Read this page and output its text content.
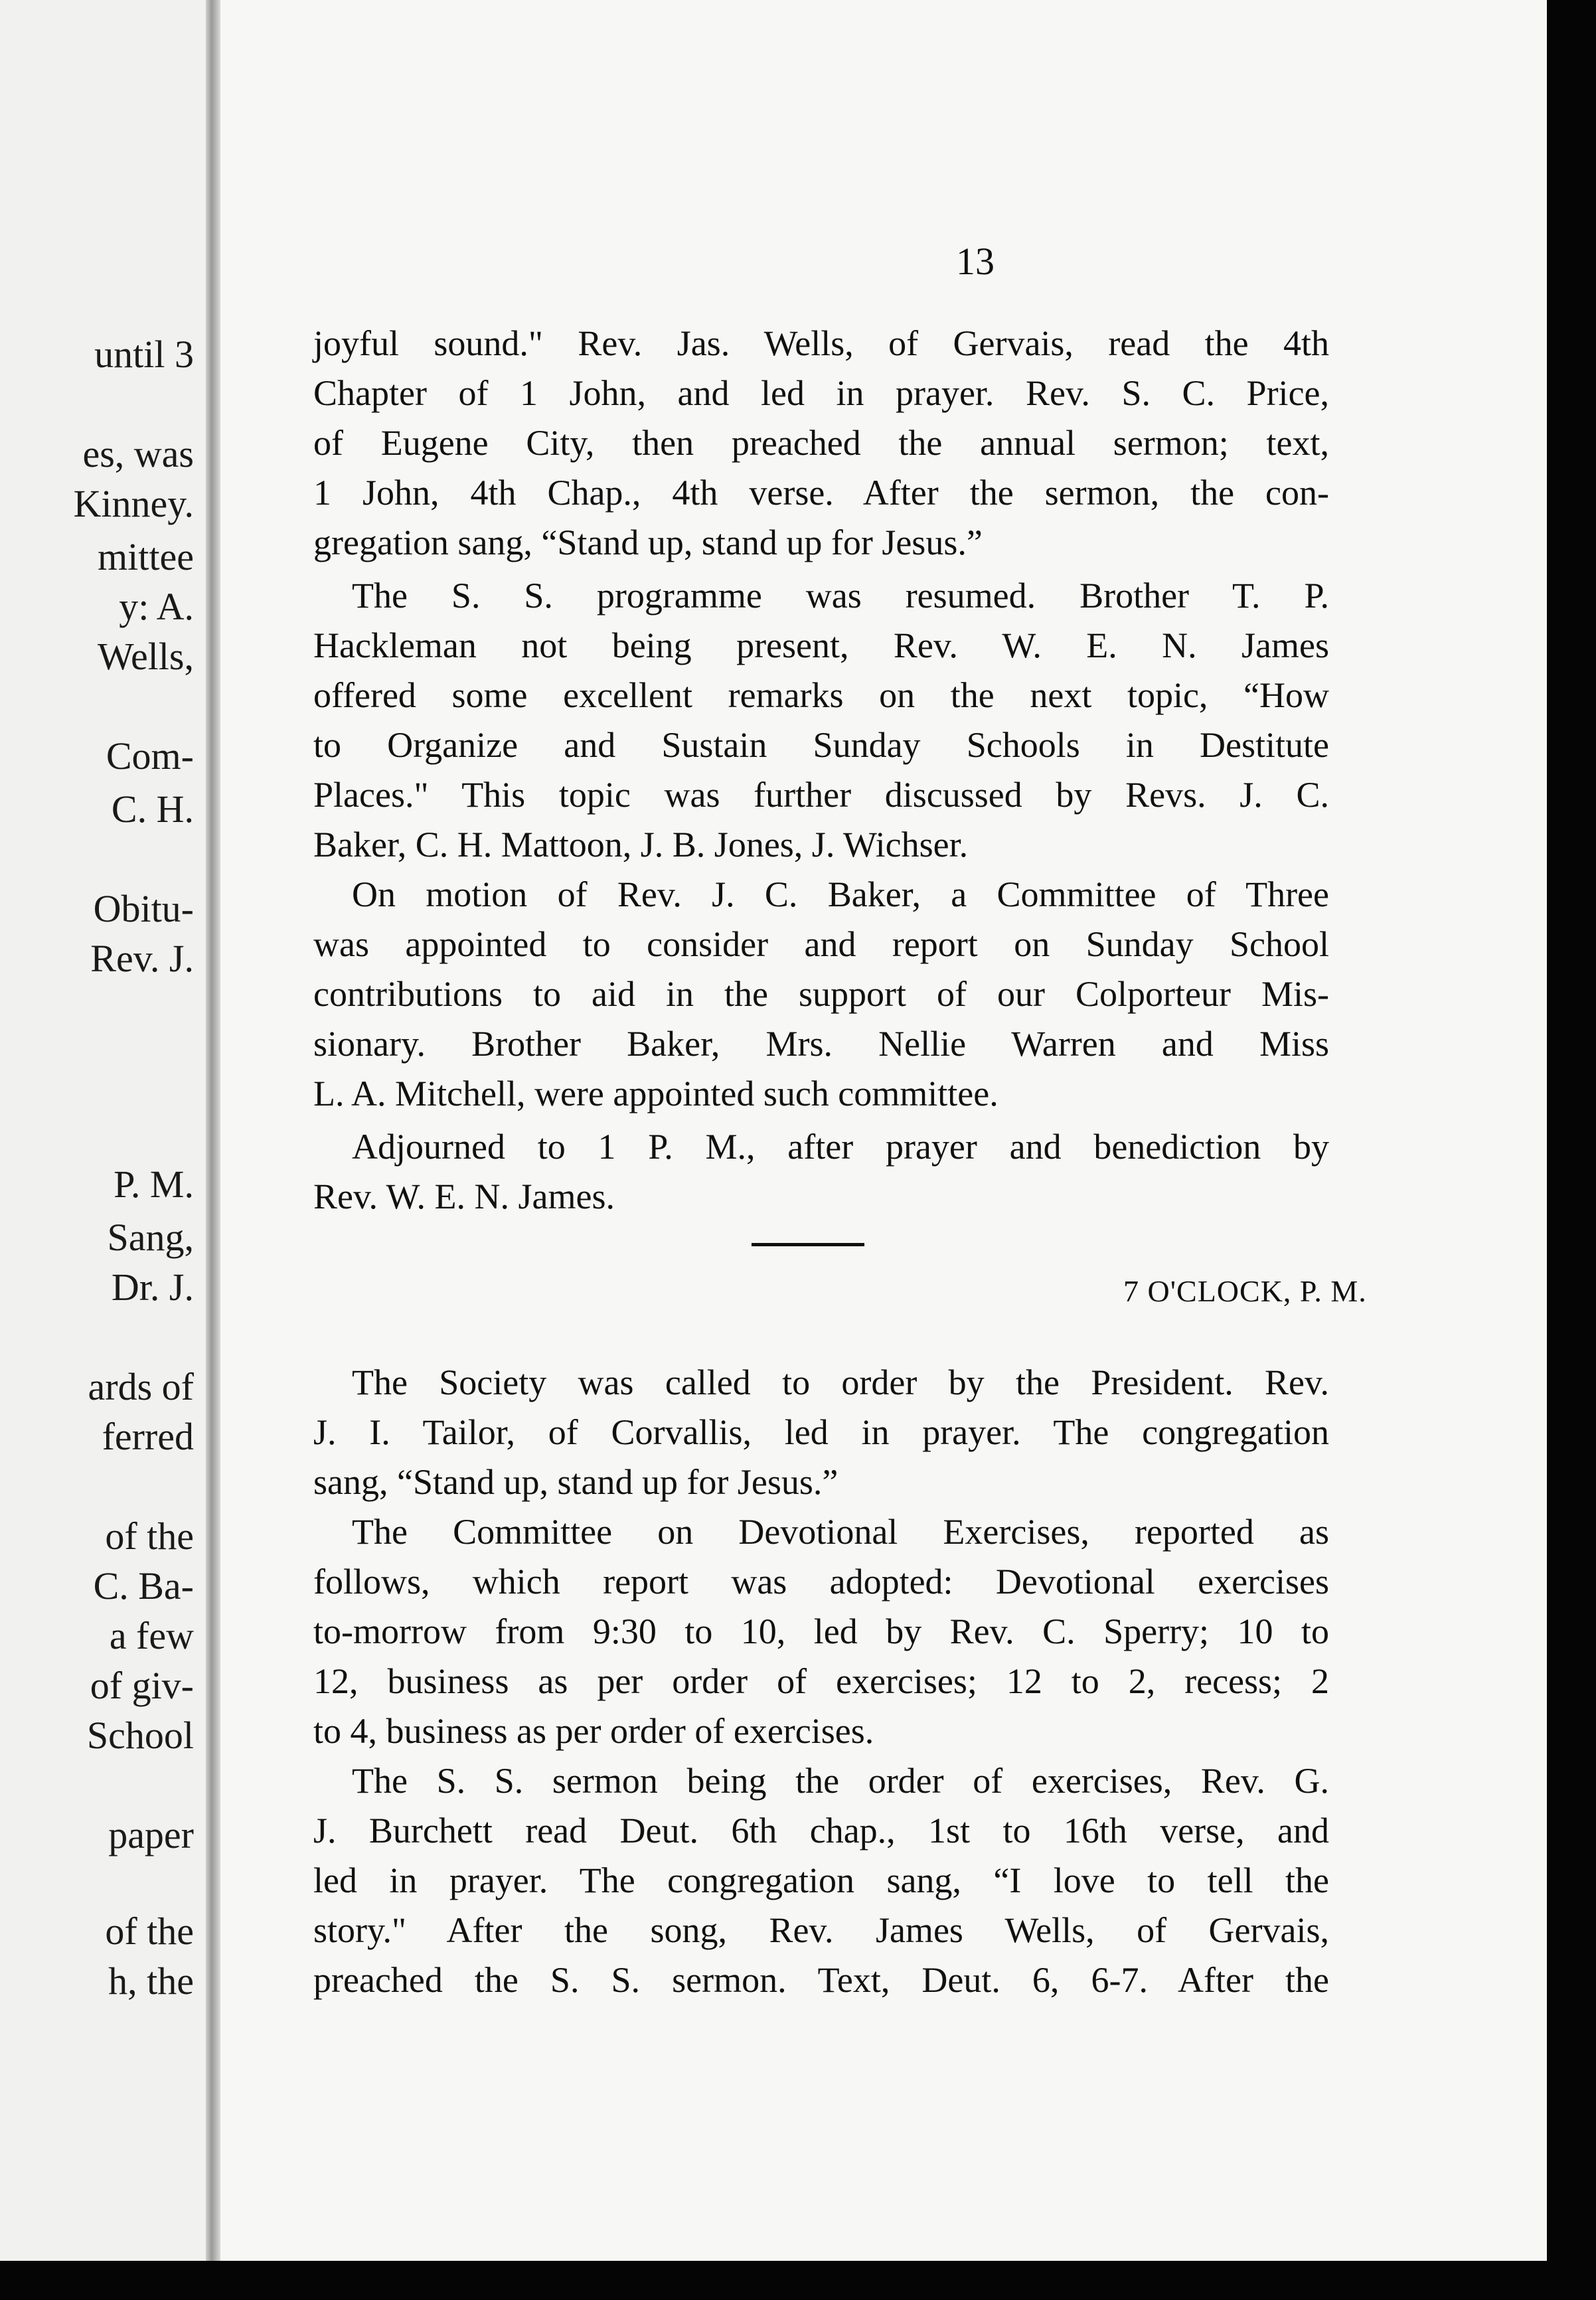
until 3
es, was
Kinney.
mittee
y: A.
Wells,
Com-
C. H.
Obitu-
Rev. J.
P. M.
Sang,
Dr. J.
ards of
ferred
of the
C. Ba-
a few
of giv-
School
paper
of the
h, the
13
joyful sound." Rev. Jas. Wells, of Gervais, read the 4th
Chapter of 1 John, and led in prayer. Rev. S. C. Price,
of Eugene City, then preached the annual sermon; text,
1 John, 4th Chap., 4th verse. After the sermon, the con-
gregation sang, “Stand up, stand up for Jesus.”
The S. S. programme was resumed. Brother T. P.
Hackleman not being present, Rev. W. E. N. James
offered some excellent remarks on the next topic, “How
to Organize and Sustain Sunday Schools in Destitute
Places." This topic was further discussed by Revs. J. C.
Baker, C. H. Mattoon, J. B. Jones, J. Wichser.
On motion of Rev. J. C. Baker, a Committee of Three
was appointed to consider and report on Sunday School
contributions to aid in the support of our Colporteur Mis-
sionary. Brother Baker, Mrs. Nellie Warren and Miss
L. A. Mitchell, were appointed such committee.
Adjourned to 1 P. M., after prayer and benediction by
Rev. W. E. N. James.
7 O'CLOCK, P. M.
The Society was called to order by the President. Rev.
J. I. Tailor, of Corvallis, led in prayer. The congregation
sang, “Stand up, stand up for Jesus.”
The Committee on Devotional Exercises, reported as
follows, which report was adopted: Devotional exercises
to-morrow from 9:30 to 10, led by Rev. C. Sperry; 10 to
12, business as per order of exercises; 12 to 2, recess; 2
to 4, business as per order of exercises.
The S. S. sermon being the order of exercises, Rev. G.
J. Burchett read Deut. 6th chap., 1st to 16th verse, and
led in prayer. The congregation sang, “I love to tell the
story." After the song, Rev. James Wells, of Gervais,
preached the S. S. sermon. Text, Deut. 6, 6-7. After the
